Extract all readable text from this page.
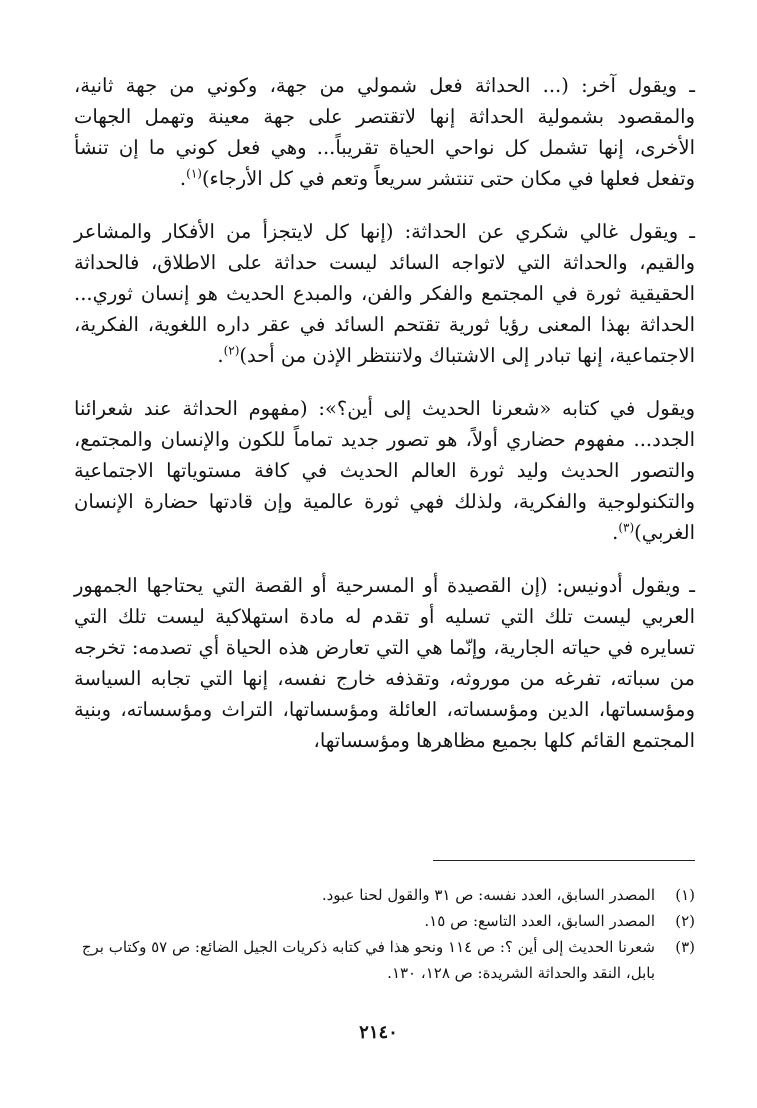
ـ ويقول آخر: (... الحداثة فعل شمولي من جهة، وكوني من جهة ثانية، والمقصود بشمولية الحداثة إنها لاتقتصر على جهة معينة وتهمل الجهات الأخرى، إنها تشمل كل نواحي الحياة تقريباً... وهي فعل كوني ما إن تنشأ وتفعل فعلها في مكان حتى تنتشر سريعاً وتعم في كل الأرجاء)$^{(١)}$.

ـ ويقول غالي شكري عن الحداثة: (إنها كل لايتجزأ من الأفكار والمشاعر والقيم، والحداثة التي لاتواجه السائد ليست حداثة على الاطلاق، فالحداثة الحقيقية ثورة في المجتمع والفكر والفن، والمبدع الحديث هو إنسان ثوري... الحداثة بهذا المعنى رؤيا ثورية تقتحم السائد في عقر داره اللغوية، الفكرية، الاجتماعية، إنها تبادر إلى الاشتباك ولاتنتظر الإذن من أحد)$^{(٢)}$.

ويقول في كتابه «شعرنا الحديث إلى أين؟»: (مفهوم الحداثة عند شعرائنا الجدد... مفهوم حضاري أولاً، هو تصور جديد تماماً للكون والإنسان والمجتمع، والتصور الحديث وليد ثورة العالم الحديث في كافة مستوياتها الاجتماعية والتكنولوجية والفكرية، ولذلك فهي ثورة عالمية وإن قادتها حضارة الإنسان الغربي)$^{(٣)}$.

ـ ويقول أدونيس: (إن القصيدة أو المسرحية أو القصة التي يحتاجها الجمهور العربي ليست تلك التي تسليه أو تقدم له مادة استهلاكية ليست تلك التي تسايره في حياته الجارية، وإنّما هي التي تعارض هذه الحياة أي تصدمه: تخرجه من سباته، تفرغه من موروثه، وتقذفه خارج نفسه، إنها التي تجابه السياسة ومؤسساتها، الدين ومؤسساته، العائلة ومؤسساتها، التراث ومؤسساته، وبنية المجتمع القائم كلها بجميع مظاهرها ومؤسساتها،

(١)
المصدر السابق، العدد نفسه: ص ٣١ والقول لحنا عبود.
(٢)
المصدر السابق، العدد التاسع: ص ١٥.
(٣)
شعرنا الحديث إلى أين ؟: ص ١١٤ ونحو هذا في كتابه ذكريات الجيل الضائع: ص ٥٧ وكتاب برج بابل، النقد والحداثة الشريدة: ص ١٢٨، ١٣٠.
٢١٤٠
